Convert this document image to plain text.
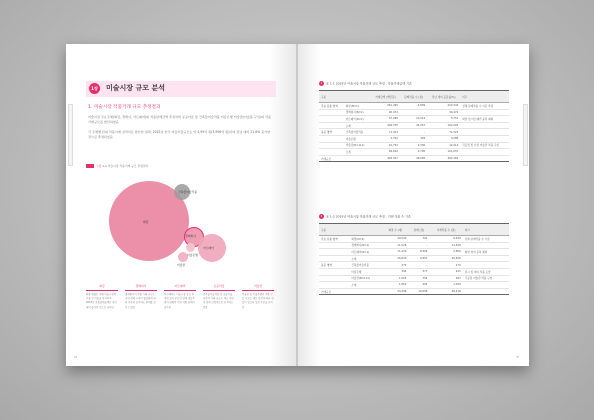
1장 미술시장 규모 분석
1. 미술시장 작품거래 규모 추정결과
미술시장 주요주체(화랑, 경매사, 아트페어)의 작품판매금액 추정치와 공공미술 및 건축물미술작품 미술은행 미술관(미술품 구입)의 작품 거래규모를 합산하였음
각 주체별 단위 작품거래 실적치로 합산한 결과, 2015년 한국 미술시장규모는 약 3,95억 원(3,956억 원)이며 전년 대비 21.6% 증가한 것으로 추정되었음
그림 1-1 미술시장 작품거래 규모 추정결과
건축물미술작품
화랑
아트페어
경매회사
미술관
미술은행
화랑
화랑 매출은 전체 미술시장의 가장 큰 비중을 차지하며 2015년 작품판매금액은 전년 대비 증가한 것으로 나타남
경매회사
경매회사의 작품 거래 규모는 국내 경매 시장의 활성화에 따라 꾸준히 증가하는 추세를 보이고 있음
아트페어
아트페어는 미술시장 규모 추정에 있어 주요한 판매 채널로 참여 화랑의 수와 작품 판매가 증가함
공공미술
건축물미술작품 및 공공미술 분야의 거래 규모는 제도 개선과 함께 안정적으로 유지되고 있음
미술관
미술관 및 미술은행의 작품 구입 규모는 예산 편성에 따라 변동이 있으나 일정 수준을 유지함
24
1 표 1-1 2015년 미술시장 작품거래 규모 추정 : 작품거래금액 기준
구분		거래금액 (백만원)	판매작품 수 (점)	전년 대비 증감률(%)	비고
주요 유통 영역	화랑(M=1)	261,495	4,809	222,344	전체 판매작품 수 기준 추정
	경매회사(N=1)	90,472	-	90,472	
	아트페어(N=1)	47,280	10,414	3,751	화랑 및 아트페어 중복 제외
	소계	426,370	44,267	162,205	
공공 영역	건축물미술작품	71,323	-	71,323	
	미술은행	2,702	449	3,286	
	미술관(N=111)	10,752	2,330	12,214	국공립 및 사립 미술관 작품 구입
	소계	84,810	2,795	101,057	
거래규모		493,347	46,905	392,362	
2 표 1-2 2015년 미술시장 작품거래 규모 추정 : 거래 작품 수 기준
구분		화랑 수 (개)	판매 (점)	거래작품 수 (점)	비고
주요 유통 영역	화랑(M=1)	39,540	791	9,449	전체 판매작품 수 기준
	경매회사(N=1)	11,528	-	11,528	
	아트페어(N=1)	11,430	8,404	2,856	화랑 참여 중복 제외
	소계	26,843	9,807	26,826	
공공 영역	건축물미술작품	279	-	279	
	미술은행	394	377	421	전시 및 대여 작품 포함
	미술관(N=111)	1,095	754	947	국공립 미술관 작품 구입
	소계	1,862	205	1,289	
거래규모		34,396	10,095	28,416	
37
